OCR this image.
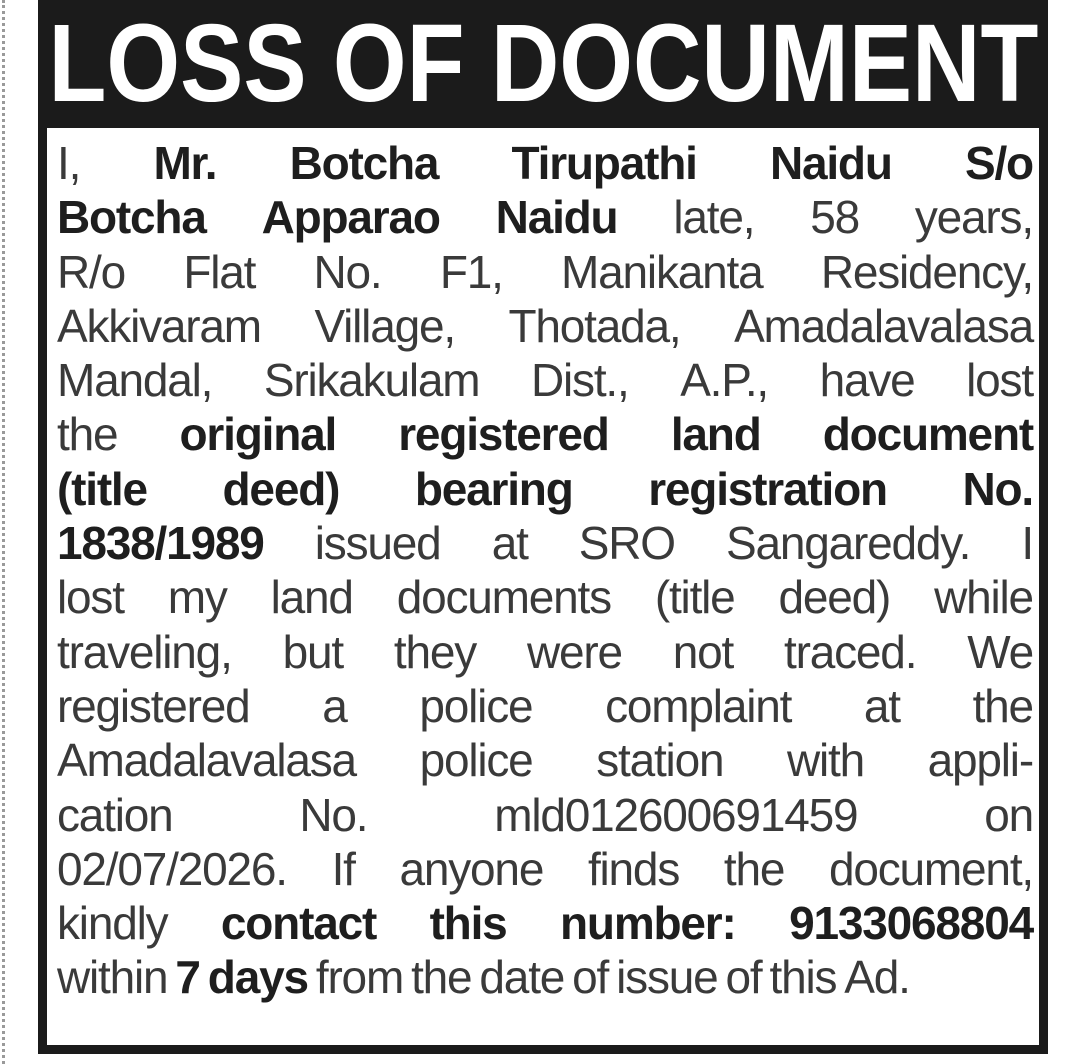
LOSS OF DOCUMENT
I, Mr. Botcha Tirupathi Naidu S/o
Botcha Apparao Naidu late, 58 years,
R/o Flat No. F1, Manikanta Residency,
Akkivaram Village, Thotada, Amadalavalasa
Mandal, Srikakulam Dist., A.P., have lost
the original registered land document
(title deed) bearing registration No.
1838/1989 issued at SRO Sangareddy. I
lost my land documents (title deed) while
traveling, but they were not traced. We
registered a police complaint at the
Amadalavalasa police station with appli-
cation	No.	mld012600691459	on
02/07/2026. If anyone finds the document,
kindly contact this number: 9133068804
within 7 days from the date of issue of this Ad.
